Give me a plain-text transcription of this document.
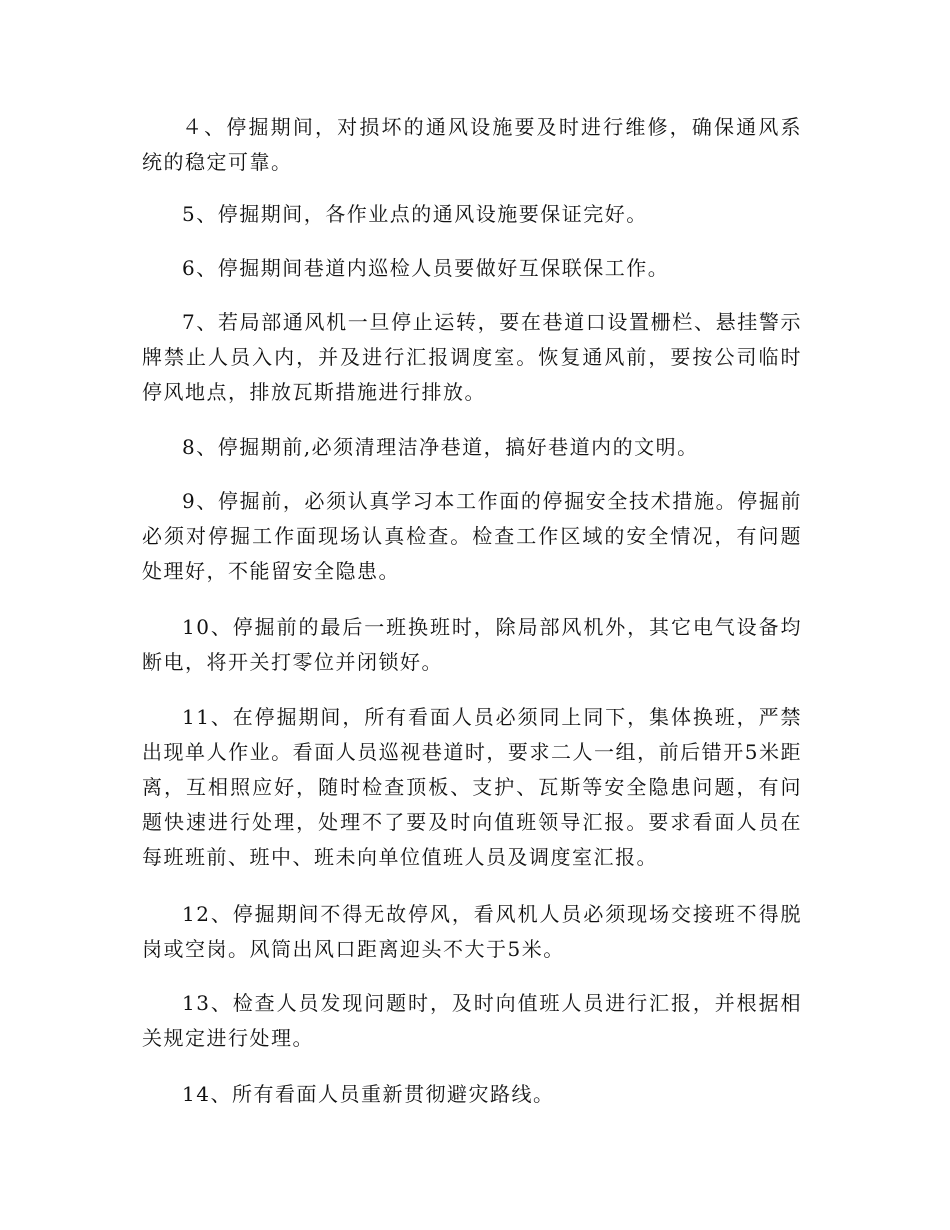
４、停掘期间，对损坏的通风设施要及时进行维修，确保通风系统的稳定可靠。

5、停掘期间，各作业点的通风设施要保证完好。

6、停掘期间巷道内巡检人员要做好互保联保工作。

7、若局部通风机一旦停止运转，要在巷道口设置栅栏、悬挂警示牌禁止人员入内，并及进行汇报调度室。恢复通风前，要按公司临时停风地点，排放瓦斯措施进行排放。

8、停掘期前,必须清理洁净巷道，搞好巷道内的文明。

9、停掘前，必须认真学习本工作面的停掘安全技术措施。停掘前必须对停掘工作面现场认真检查。检查工作区域的安全情况，有问题处理好，不能留安全隐患。

10、停掘前的最后一班换班时，除局部风机外，其它电气设备均断电，将开关打零位并闭锁好。

11、在停掘期间，所有看面人员必须同上同下，集体换班，严禁出现单人作业。看面人员巡视巷道时，要求二人一组，前后错开5米距离，互相照应好，随时检查顶板、支护、瓦斯等安全隐患问题，有问题快速进行处理，处理不了要及时向值班领导汇报。要求看面人员在每班班前、班中、班未向单位值班人员及调度室汇报。

12、停掘期间不得无故停风，看风机人员必须现场交接班不得脱岗或空岗。风筒出风口距离迎头不大于5米。

13、检查人员发现问题时，及时向值班人员进行汇报，并根据相关规定进行处理。

14、所有看面人员重新贯彻避灾路线。
